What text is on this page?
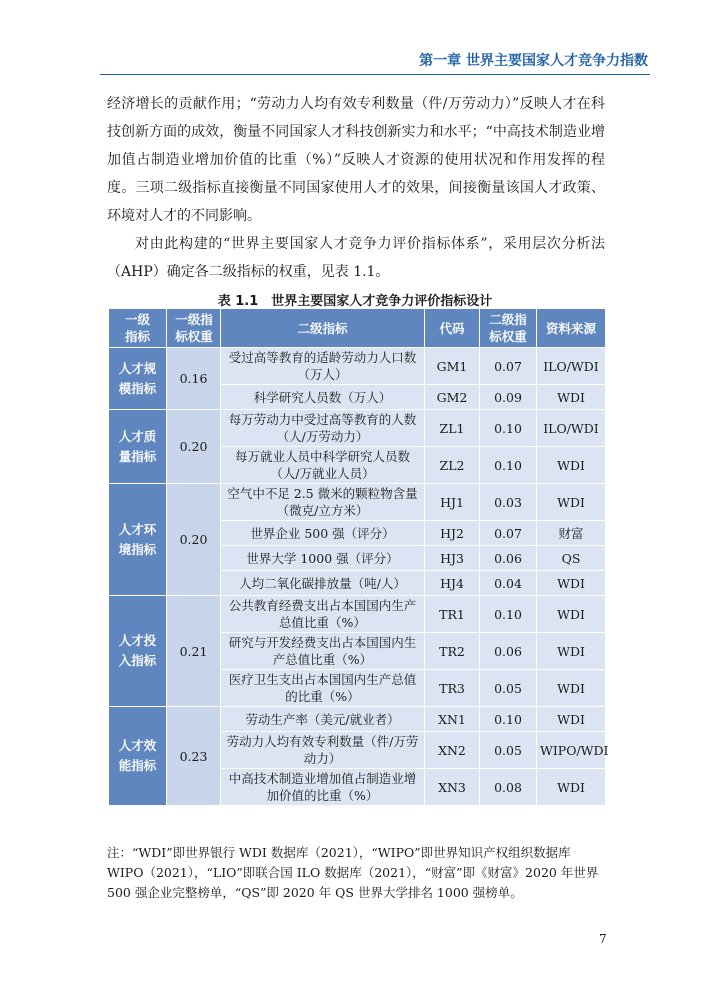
第一章 世界主要国家人才竞争力指数

经济增长的贡献作用；“劳动力人均有效专利数量（件/万劳动力）”反映人才在科技创新方面的成效，衡量不同国家人才科技创新实力和水平；“中高技术制造业增加值占制造业增加价值的比重（%）”反映人才资源的使用状况和作用发挥的程度。三项二级指标直接衡量不同国家使用人才的效果，间接衡量该国人才政策、环境对人才的不同影响。

对由此构建的“世界主要国家人才竞争力评价指标体系”，采用层次分析法（AHP）确定各二级指标的权重，见表 1.1。

表 1.1　世界主要国家人才竞争力评价指标设计
一级指标	一级指标权重	二级指标	代码	二级指标权重	资料来源
人才规模指标	0.16	受过高等教育的适龄劳动力人口数（万人）	GM1	0.07	ILO/WDI
		科学研究人员数（万人）	GM2	0.09	WDI
人才质量指标	0.20	每万劳动力中受过高等教育的人数（人/万劳动力）	ZL1	0.10	ILO/WDI
		每万就业人员中科学研究人员数（人/万就业人员）	ZL2	0.10	WDI
人才环境指标	0.20	空气中不足 2.5 微米的颗粒物含量（微克/立方米）	HJ1	0.03	WDI
		世界企业 500 强（评分）	HJ2	0.07	财富
		世界大学 1000 强（评分）	HJ3	0.06	QS
		人均二氧化碳排放量（吨/人）	HJ4	0.04	WDI
人才投入指标	0.21	公共教育经费支出占本国国内生产总值比重（%）	TR1	0.10	WDI
		研究与开发经费支出占本国国内生产总值比重（%）	TR2	0.06	WDI
		医疗卫生支出占本国国内生产总值的比重（%）	TR3	0.05	WDI
人才效能指标	0.23	劳动生产率（美元/就业者）	XN1	0.10	WDI
		劳动力人均有效专利数量（件/万劳动力）	XN2	0.05	WIPO/WDI
		中高技术制造业增加值占制造业增加价值的比重（%）	XN3	0.08	WDI

注：“WDI”即世界银行 WDI 数据库（2021），“WIPO”即世界知识产权组织数据库 WIPO（2021），“LIO”即联合国 ILO 数据库（2021），“财富”即《财富》2020 年世界 500 强企业完整榜单，“QS”即 2020 年 QS 世界大学排名 1000 强榜单。

7
